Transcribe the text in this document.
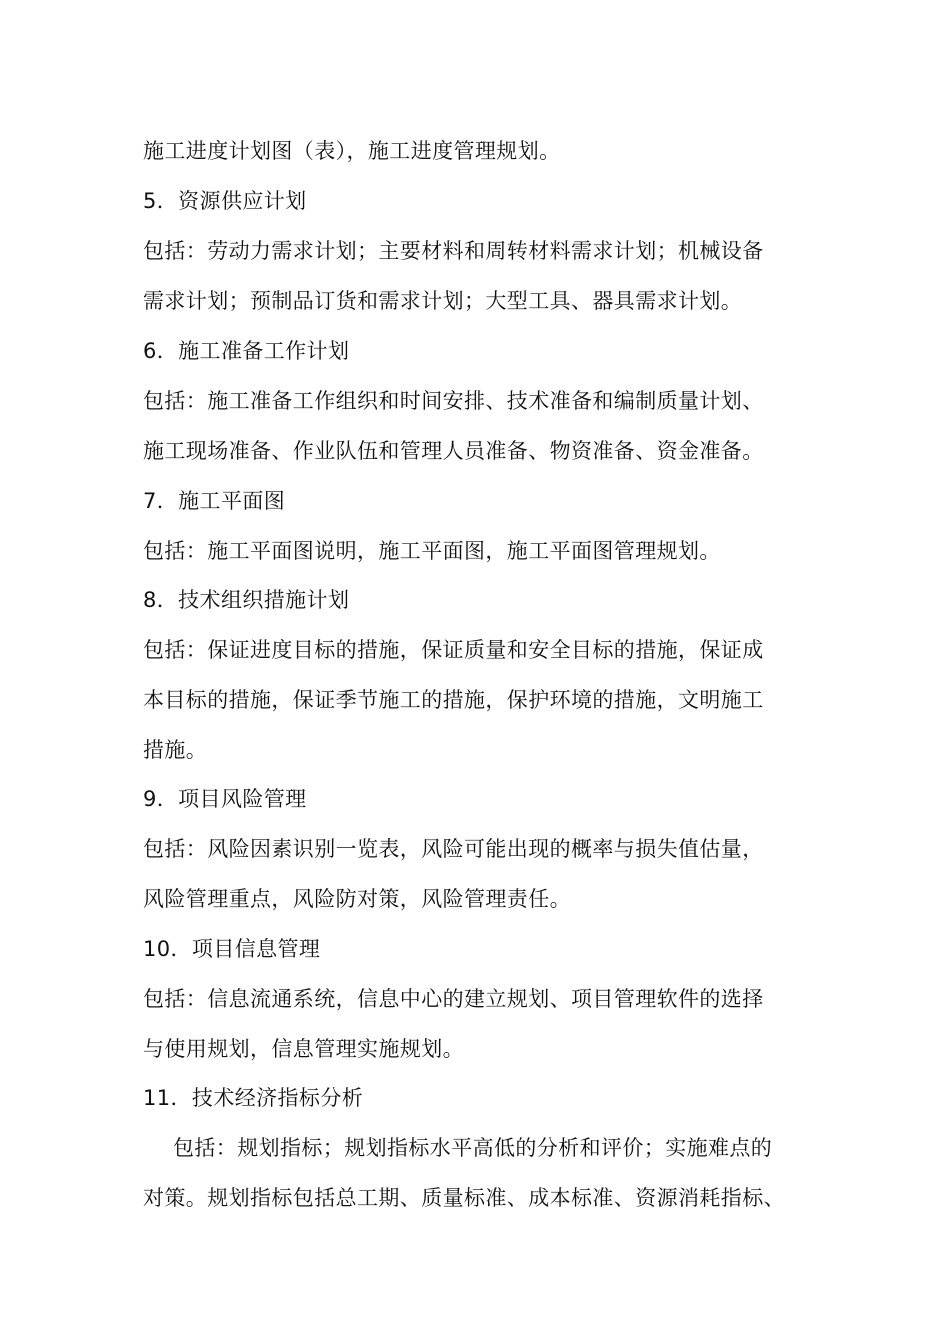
施工进度计划图（表），施工进度管理规划。
5．资源供应计划
包括：劳动力需求计划；主要材料和周转材料需求计划；机械设备
需求计划；预制品订货和需求计划；大型工具、器具需求计划。
6．施工准备工作计划
包括：施工准备工作组织和时间安排、技术准备和编制质量计划、
施工现场准备、作业队伍和管理人员准备、物资准备、资金准备。
7．施工平面图
包括：施工平面图说明，施工平面图，施工平面图管理规划。
8．技术组织措施计划
包括：保证进度目标的措施，保证质量和安全目标的措施，保证成
本目标的措施，保证季节施工的措施，保护环境的措施，文明施工
措施。
9．项目风险管理
包括：风险因素识别一览表，风险可能出现的概率与损失值估量，
风险管理重点，风险防对策，风险管理责任。
10．项目信息管理
包括：信息流通系统，信息中心的建立规划、项目管理软件的选择
与使用规划，信息管理实施规划。
11．技术经济指标分析
包括：规划指标；规划指标水平高低的分析和评价；实施难点的
对策。规划指标包括总工期、质量标准、成本标准、资源消耗指标、
